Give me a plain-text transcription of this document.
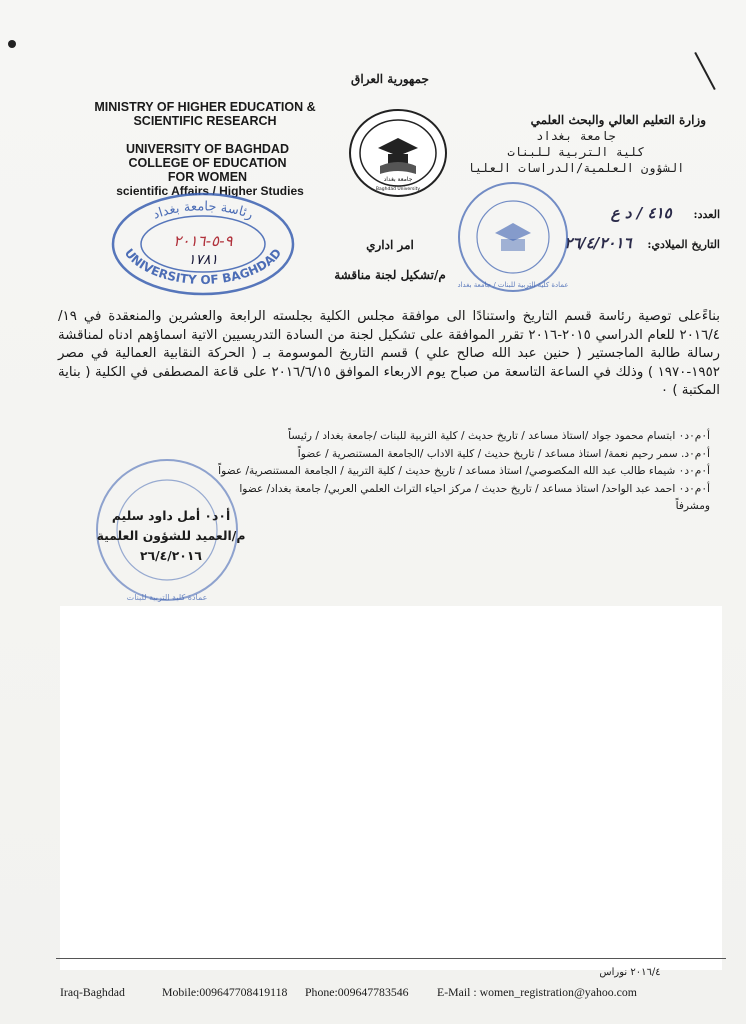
جمهورية العراق
MINISTRY OF HIGHER EDUCATION &
SCIENTIFIC RESEARCH
UNIVERSITY OF BAGHDAD
COLLEGE OF EDUCATION
FOR WOMEN
scientific Affairs / Higher Studies
جامعة بغداد
Baghdad University
وزارة التعليم العالي والبحث العلمي
جامعة بغداد
كلية التربية للبنات
الشؤون العلمية/الدراسات العليا
العدد: ٤١٥ / د ع
التاريخ الميلادي: ٢٦/٤/٢٠١٦
رئاسة جامعة بغداد
UNIVERSITY OF BAGHDAD
٩-٥-٢٠١٦
١٧٨١
عمادة كلية التربية للبنات / جامعة بغداد
امر اداري
م/تشكيل لجنة مناقشة
بناءًعلى توصية رئاسة قسم التاريخ واستنادًا الى موافقة مجلس الكلية بجلسته الرابعة والعشرين والمنعقدة في ١٩/ ٢٠١٦/٤ للعام الدراسي ٢٠١٥-٢٠١٦ تقرر الموافقة على تشكيل لجنة من السادة التدريسيين الاتية اسماؤهم ادناه لمناقشة رسالة طالبة الماجستير ( حنين عبد الله صالح علي ) قسم التاريخ الموسومة بـ ( الحركة النقابية العمالية في مصر ١٩٥٢-١٩٧٠ ) وذلك في الساعة التاسعة من صباح يوم الاربعاء الموافق ٢٠١٦/٦/١٥ على قاعة المصطفى في الكلية ( بناية المكتبة ) ٠
أ٠م٠د٠ ابتسام محمود جواد /استاذ مساعد / تاريخ حديث / كلية التربية للبنات /جامعة بغداد / رئيساً
أ٠م٠د. سمر رحيم نعمة/ استاذ مساعد / تاريخ حديث / كلية الاداب /الجامعة المستنصرية / عضواً
أ٠م٠د٠ شيماء طالب عبد الله المكصوصي/ استاذ مساعد / تاريخ حديث / كلية التربية / الجامعة المستنصرية/ عضواً
أ٠م٠د٠ احمد عبد الواحد/ استاذ مساعد / تاريخ حديث / مركز احياء التراث العلمي العربي/ جامعة بغداد/ عضوا ومشرفاً
عمادة كلية التربية للبنات
أ٠د٠ أمل داود سليم
م/العميد للشؤون العلمية
٢٦/٤/٢٠١٦
٢٠١٦/٤ نوراس
Iraq-Baghdad	Mobile:009647708419118	Phone:009647783546	E-Mail : women_registration@yahoo.com
